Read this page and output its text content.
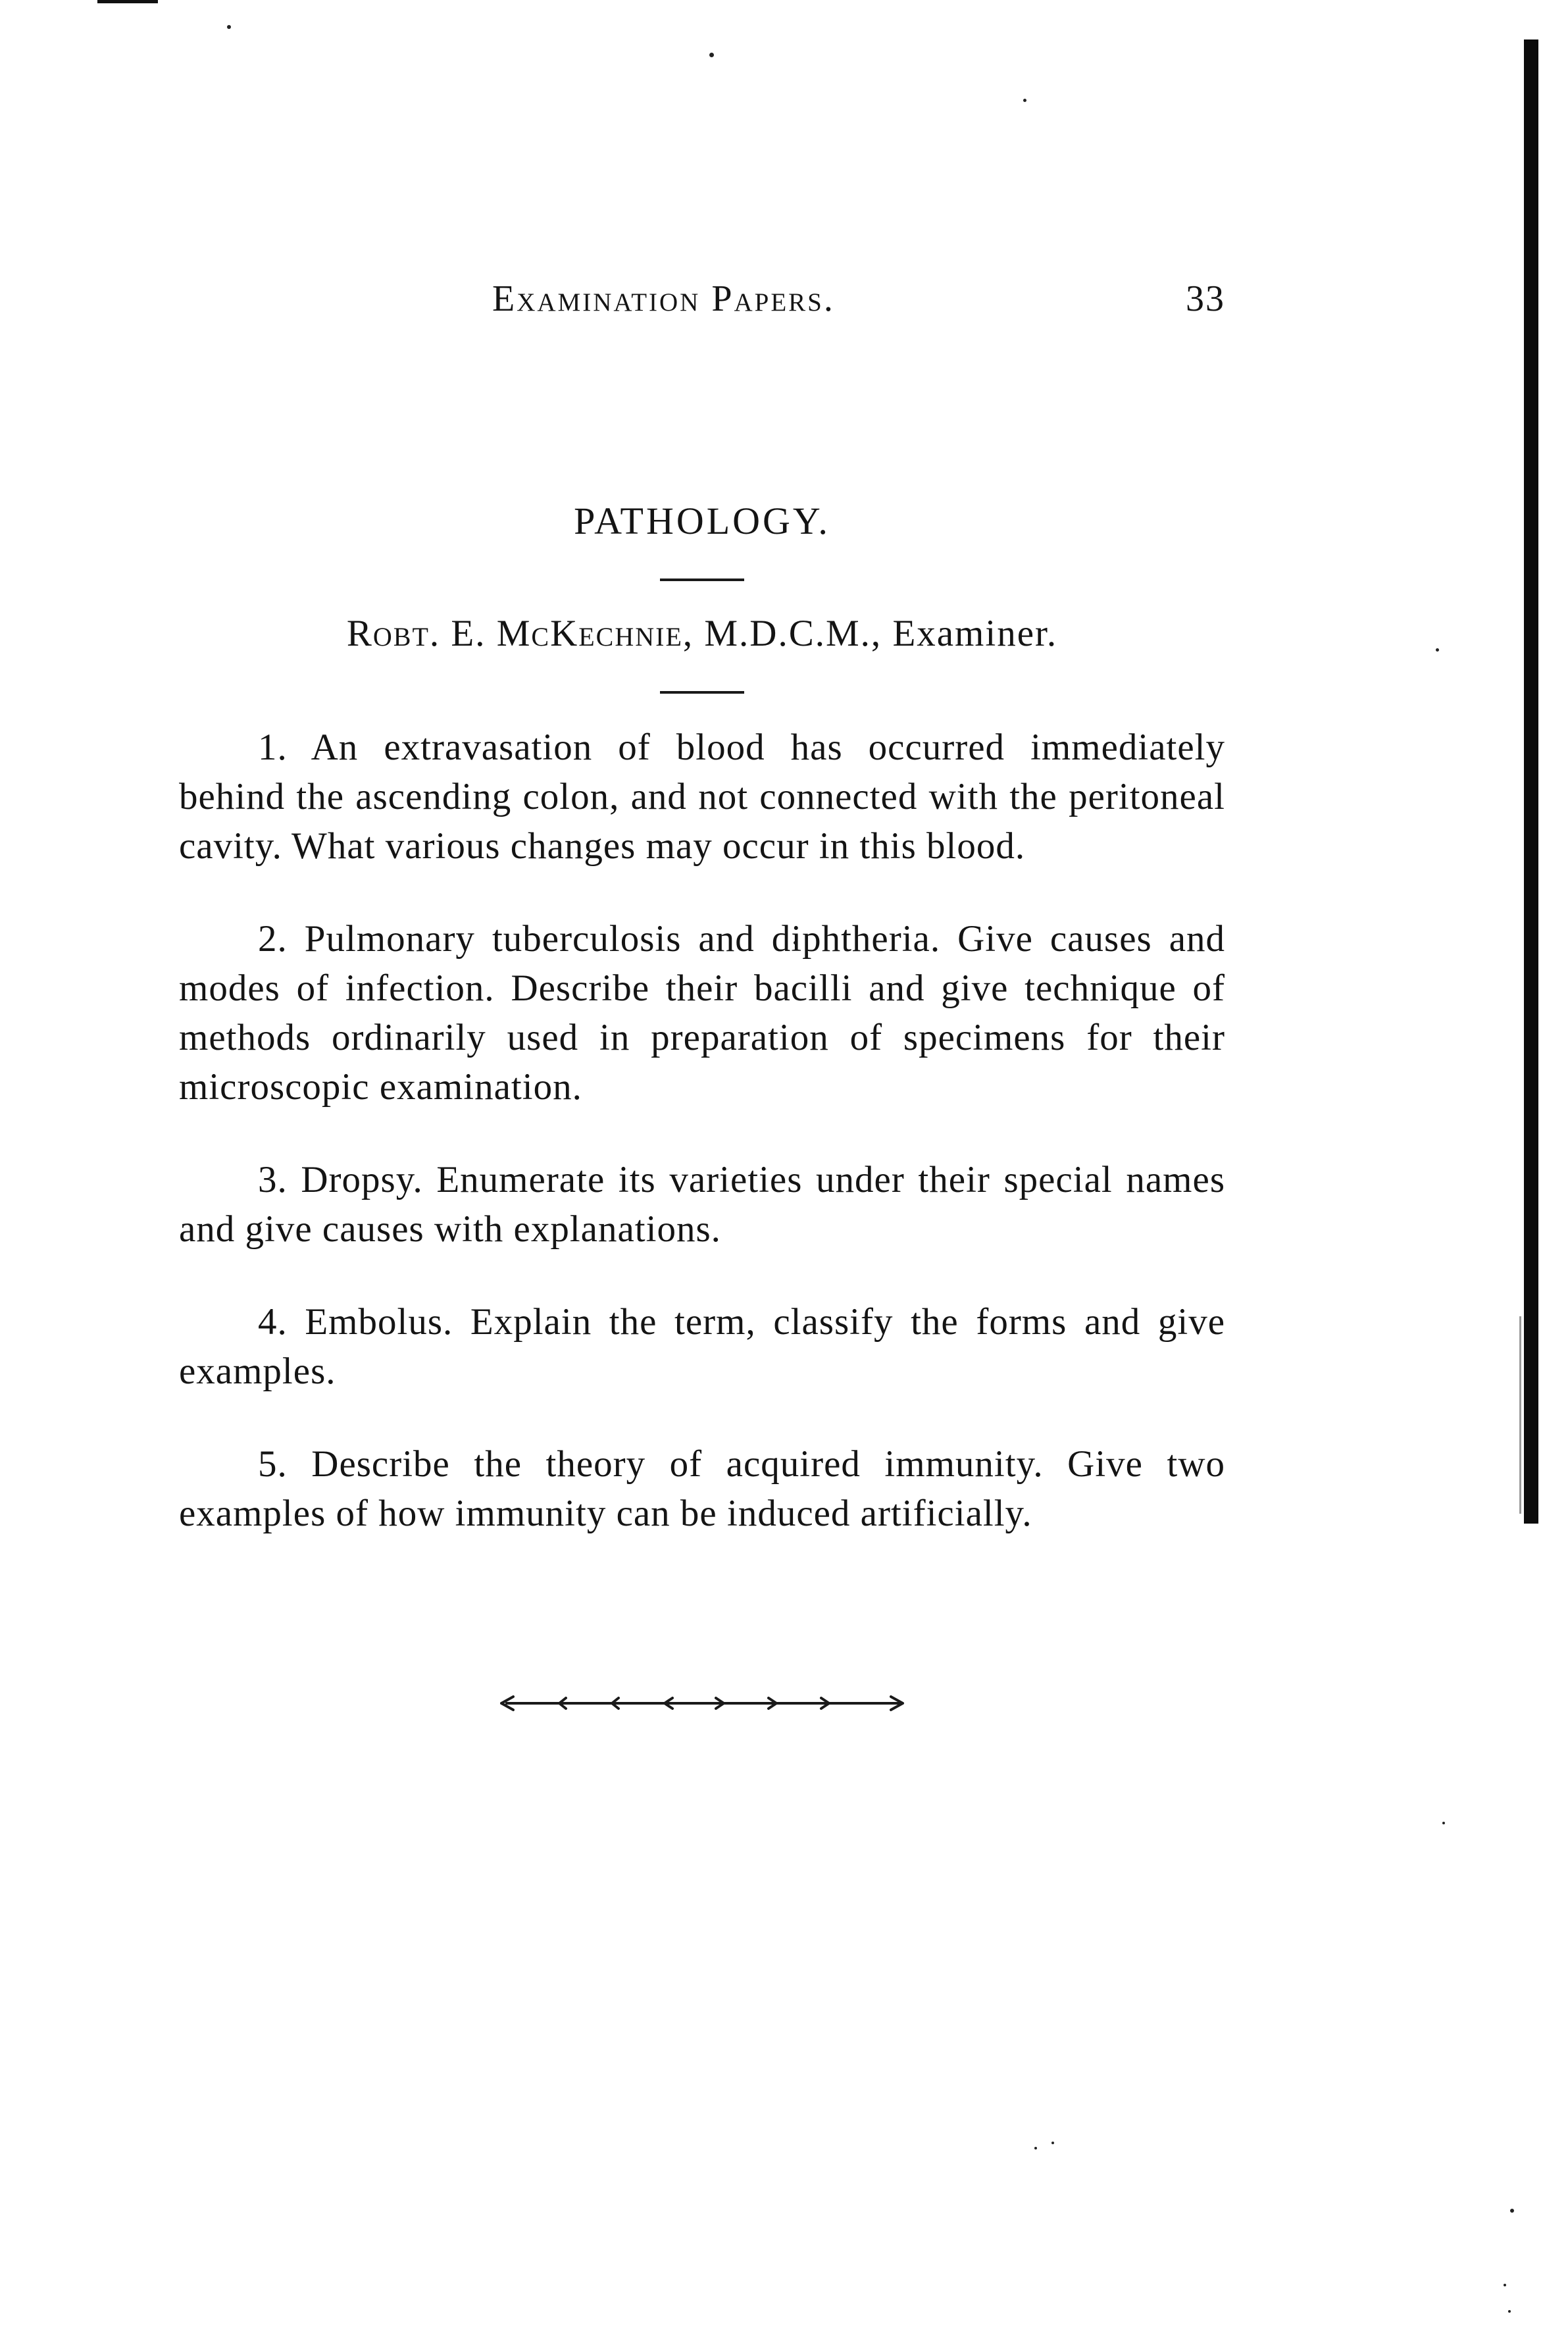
Examination Papers.	33
PATHOLOGY.
Robt. E. McKechnie, M.D.C.M., Examiner.

1. An extravasation of blood has occurred immediately behind the ascending colon, and not connected with the peritoneal cavity. What various changes may occur in this blood.

2. Pulmonary tuberculosis and diphtheria. Give causes and modes of infection. Describe their bacilli and give technique of methods ordinarily used in preparation of specimens for their microscopic examination.

3. Dropsy. Enumerate its varieties under their special names and give causes with explanations.

4. Embolus. Explain the term, classify the forms and give examples.

5. Describe the theory of acquired immunity. Give two examples of how immunity can be induced artificially.
